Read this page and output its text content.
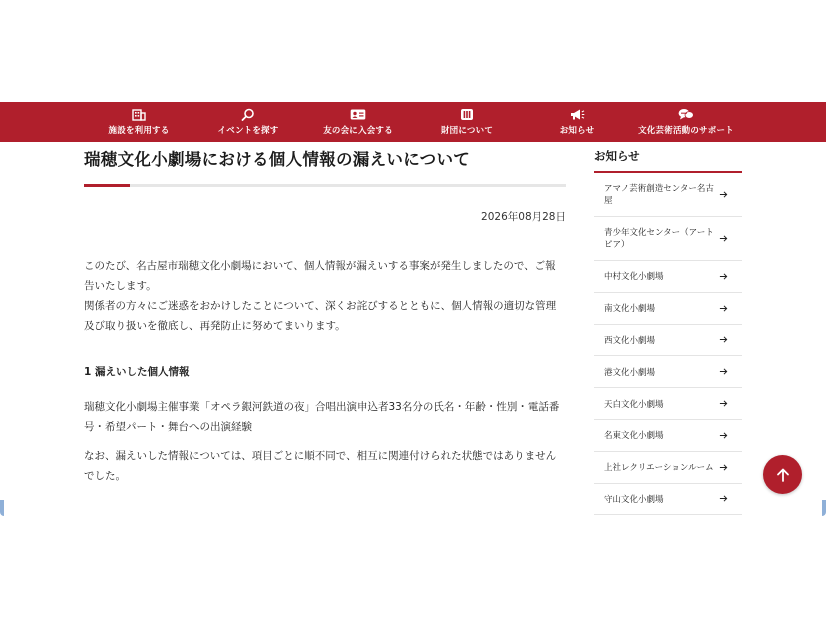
施設を利用する	イベントを探す	友の会に入会する	財団について	お知らせ	文化芸術活動のサポート
瑞穂文化小劇場における個人情報の漏えいについて
2026年08月28日

このたび、名古屋市瑞穂文化小劇場において、個人情報が漏えいする事案が発生しましたので、ご報告いたします。

関係者の方々にご迷惑をおかけしたことについて、深くお詫びするとともに、個人情報の適切な管理及び取り扱いを徹底し、再発防止に努めてまいります。

1 漏えいした個人情報

瑞穂文化小劇場主催事業「オペラ銀河鉄道の夜」合唱出演申込者33名分の氏名・年齢・性別・電話番号・希望パート・舞台への出演経験

なお、漏えいした情報については、項目ごとに順不同で、相互に関連付けられた状態ではありませんでした。

お知らせ
アマノ芸術創造センター名古屋
青少年文化センター（アートピア）
中村文化小劇場
南文化小劇場
西文化小劇場
港文化小劇場
天白文化小劇場
名東文化小劇場
上社レクリエーションルーム
守山文化小劇場
